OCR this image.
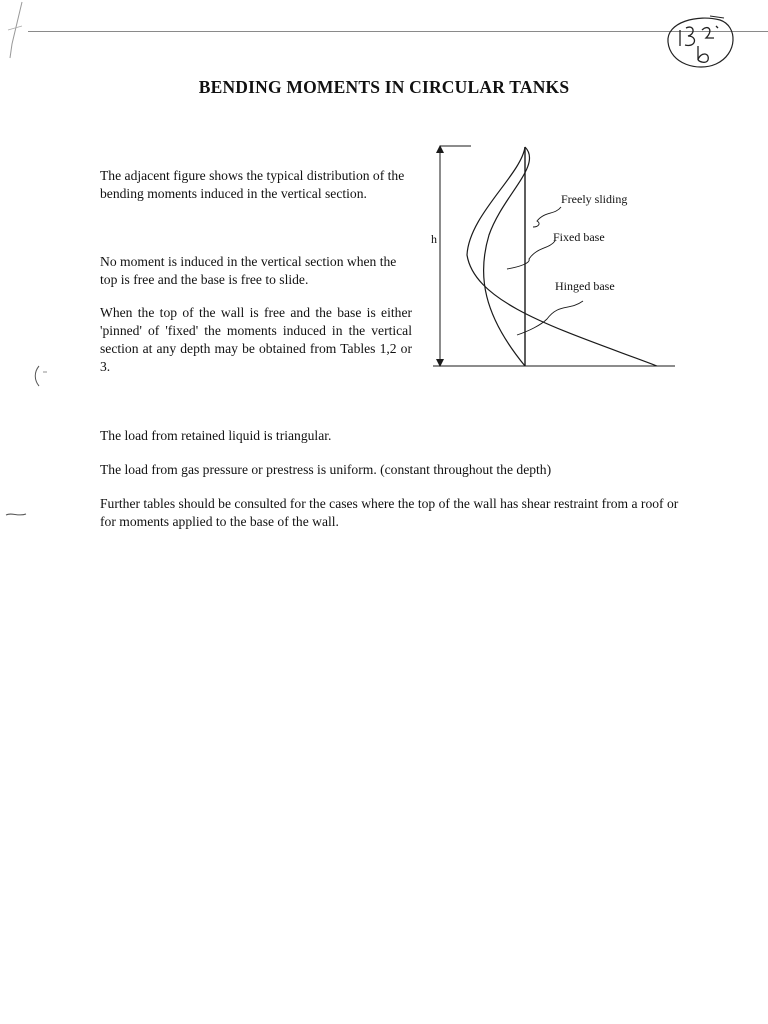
BENDING MOMENTS IN CIRCULAR TANKS
The adjacent figure shows the typical distribution of the bending moments induced in the vertical section.
No moment is induced in the vertical section when the top is free and the base is free to slide.
When the top of the wall is free and the base is either 'pinned' of 'fixed' the moments induced in the vertical section at any depth may be obtained from Tables 1,2 or 3.
The load from retained liquid is triangular.
The load from gas pressure or prestress is uniform. (constant throughout the depth)
Further tables should be consulted for the cases where the top of the wall has shear restraint from a roof or for moments applied to the base of the wall.
h
Freely sliding
Fixed base
Hinged base
